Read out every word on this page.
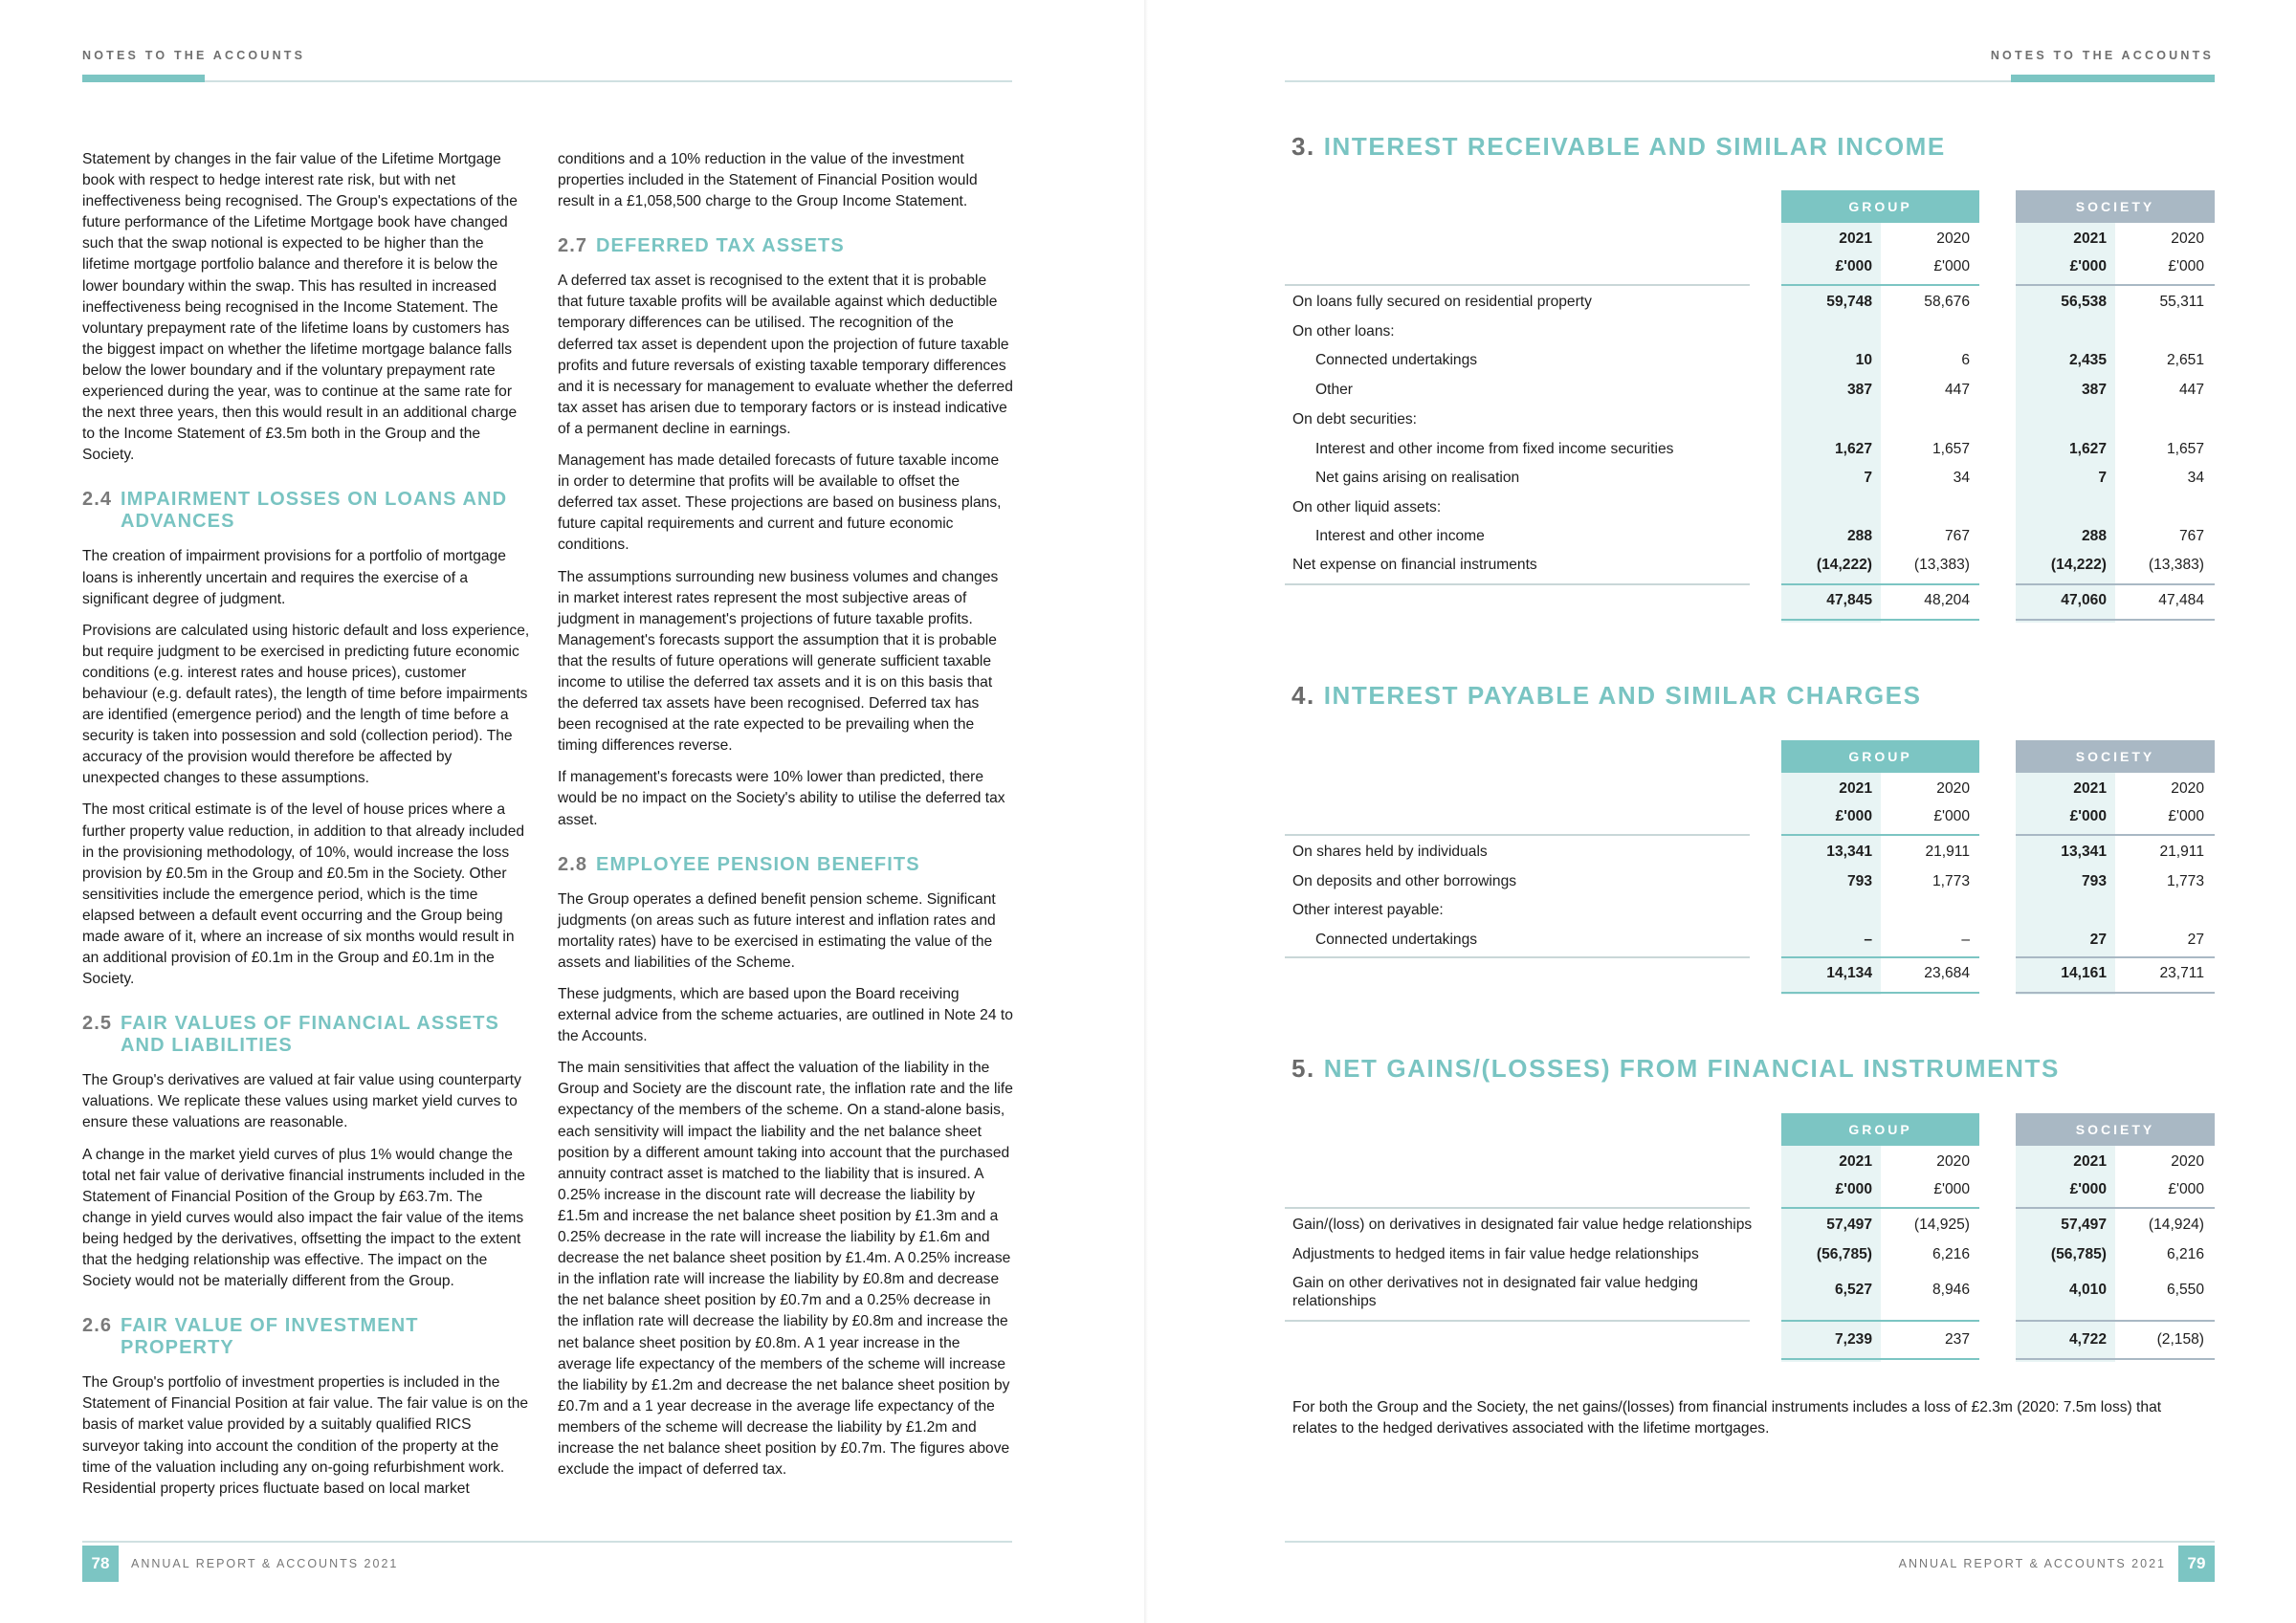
NOTES TO THE ACCOUNTS

Statement by changes in the fair value of the Lifetime Mortgage book with respect to hedge interest rate risk, but with net ineffectiveness being recognised. The Group's expectations of the future performance of the Lifetime Mortgage book have changed such that the swap notional is expected to be higher than the lifetime mortgage portfolio balance and therefore it is below the lower boundary within the swap. This has resulted in increased ineffectiveness being recognised in the Income Statement. The voluntary prepayment rate of the lifetime loans by customers has the biggest impact on whether the lifetime mortgage balance falls below the lower boundary and if the voluntary prepayment rate experienced during the year, was to continue at the same rate for the next three years, then this would result in an additional charge to the Income Statement of £3.5m both in the Group and the Society.

2.4 IMPAIRMENT LOSSES ON LOANS AND ADVANCES

The creation of impairment provisions for a portfolio of mortgage loans is inherently uncertain and requires the exercise of a significant degree of judgment.

Provisions are calculated using historic default and loss experience, but require judgment to be exercised in predicting future economic conditions (e.g. interest rates and house prices), customer behaviour (e.g. default rates), the length of time before impairments are identified (emergence period) and the length of time before a security is taken into possession and sold (collection period). The accuracy of the provision would therefore be affected by unexpected changes to these assumptions.

The most critical estimate is of the level of house prices where a further property value reduction, in addition to that already included in the provisioning methodology, of 10%, would increase the loss provision by £0.5m in the Group and £0.5m in the Society. Other sensitivities include the emergence period, which is the time elapsed between a default event occurring and the Group being made aware of it, where an increase of six months would result in an additional provision of £0.1m in the Group and £0.1m in the Society.

2.5 FAIR VALUES OF FINANCIAL ASSETS AND LIABILITIES

The Group's derivatives are valued at fair value using counterparty valuations. We replicate these values using market yield curves to ensure these valuations are reasonable.

A change in the market yield curves of plus 1% would change the total net fair value of derivative financial instruments included in the Statement of Financial Position of the Group by £63.7m. The change in yield curves would also impact the fair value of the items being hedged by the derivatives, offsetting the impact to the extent that the hedging relationship was effective. The impact on the Society would not be materially different from the Group.

2.6 FAIR VALUE OF INVESTMENT PROPERTY

The Group's portfolio of investment properties is included in the Statement of Financial Position at fair value. The fair value is on the basis of market value provided by a suitably qualified RICS surveyor taking into account the condition of the property at the time of the valuation including any on-going refurbishment work. Residential property prices fluctuate based on local market

conditions and a 10% reduction in the value of the investment properties included in the Statement of Financial Position would result in a £1,058,500 charge to the Group Income Statement.

2.7 DEFERRED TAX ASSETS

A deferred tax asset is recognised to the extent that it is probable that future taxable profits will be available against which deductible temporary differences can be utilised. The recognition of the deferred tax asset is dependent upon the projection of future taxable profits and future reversals of existing taxable temporary differences and it is necessary for management to evaluate whether the deferred tax asset has arisen due to temporary factors or is instead indicative of a permanent decline in earnings.

Management has made detailed forecasts of future taxable income in order to determine that profits will be available to offset the deferred tax asset. These projections are based on business plans, future capital requirements and current and future economic conditions.

The assumptions surrounding new business volumes and changes in market interest rates represent the most subjective areas of judgment in management's projections of future taxable profits. Management's forecasts support the assumption that it is probable that the results of future operations will generate sufficient taxable income to utilise the deferred tax assets and it is on this basis that the deferred tax assets have been recognised. Deferred tax has been recognised at the rate expected to be prevailing when the timing differences reverse.

If management's forecasts were 10% lower than predicted, there would be no impact on the Society's ability to utilise the deferred tax asset.

2.8 EMPLOYEE PENSION BENEFITS

The Group operates a defined benefit pension scheme. Significant judgments (on areas such as future interest and inflation rates and mortality rates) have to be exercised in estimating the value of the assets and liabilities of the Scheme.

These judgments, which are based upon the Board receiving external advice from the scheme actuaries, are outlined in Note 24 to the Accounts.

The main sensitivities that affect the valuation of the liability in the Group and Society are the discount rate, the inflation rate and the life expectancy of the members of the scheme. On a stand-alone basis, each sensitivity will impact the liability and the net balance sheet position by a different amount taking into account that the purchased annuity contract asset is matched to the liability that is insured. A 0.25% increase in the discount rate will decrease the liability by £1.5m and increase the net balance sheet position by £1.3m and a 0.25% decrease in the rate will increase the liability by £1.6m and decrease the net balance sheet position by £1.4m. A 0.25% increase in the inflation rate will increase the liability by £0.8m and decrease the net balance sheet position by £0.7m and a 0.25% decrease in the inflation rate will decrease the liability by £0.8m and increase the net balance sheet position by £0.8m. A 1 year increase in the average life expectancy of the members of the scheme will increase the liability by £1.2m and decrease the net balance sheet position by £0.7m and a 1 year decrease in the average life expectancy of the members of the scheme will decrease the liability by £1.2m and increase the net balance sheet position by £0.7m. The figures above exclude the impact of deferred tax.

78	ANNUAL REPORT & ACCOUNTS 2021
NOTES TO THE ACCOUNTS
3. INTEREST RECEIVABLE AND SIMILAR INCOME
GROUP	SOCIETY
2021	2020	2021	2020
£'000	£'000	£'000	£'000
On loans fully secured on residential property	59,748	58,676	56,538	55,311
On other loans:
Connected undertakings	10	6	2,435	2,651
Other	387	447	387	447
On debt securities:
Interest and other income from fixed income securities	1,627	1,657	1,627	1,657
Net gains arising on realisation	7	34	7	34
On other liquid assets:
Interest and other income	288	767	288	767
Net expense on financial instruments	(14,222)	(13,383)	(14,222)	(13,383)
47,845	48,204	47,060	47,484
4. INTEREST PAYABLE AND SIMILAR CHARGES
GROUP	SOCIETY
2021	2020	2021	2020
£'000	£'000	£'000	£'000
On shares held by individuals	13,341	21,911	13,341	21,911
On deposits and other borrowings	793	1,773	793	1,773
Other interest payable:
Connected undertakings	–	–	27	27
14,134	23,684	14,161	23,711
5. NET GAINS/(LOSSES) FROM FINANCIAL INSTRUMENTS
GROUP	SOCIETY
2021	2020	2021	2020
£'000	£'000	£'000	£'000
Gain/(loss) on derivatives in designated fair value hedge relationships	57,497	(14,925)	57,497	(14,924)
Adjustments to hedged items in fair value hedge relationships	(56,785)	6,216	(56,785)	6,216
Gain on other derivatives not in designated fair value hedging relationships
6,527	8,946	4,010	6,550
7,239	237	4,722	(2,158)
For both the Group and the Society, the net gains/(losses) from financial instruments includes a loss of £2.3m (2020: 7.5m loss) that relates to the hedged derivatives associated with the lifetime mortgages.
ANNUAL REPORT & ACCOUNTS 2021	79
